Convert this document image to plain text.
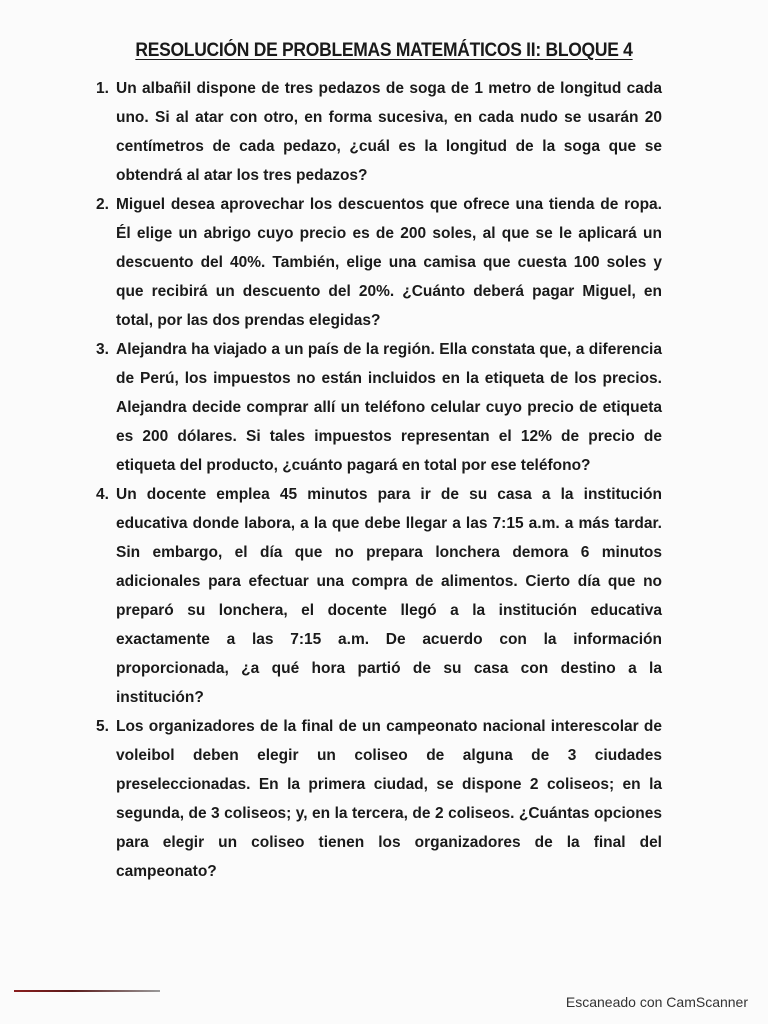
RESOLUCIÓN DE PROBLEMAS MATEMÁTICOS II: BLOQUE 4
1. Un albañil dispone de tres pedazos de soga de 1 metro de longitud cada uno. Si al atar con otro, en forma sucesiva, en cada nudo se usarán 20 centímetros de cada pedazo, ¿cuál es la longitud de la soga que se obtendrá al atar los tres pedazos?
2. Miguel desea aprovechar los descuentos que ofrece una tienda de ropa. Él elige un abrigo cuyo precio es de 200 soles, al que se le aplicará un descuento del 40%. También, elige una camisa que cuesta 100 soles y que recibirá un descuento del 20%. ¿Cuánto deberá pagar Miguel, en total, por las dos prendas elegidas?
3. Alejandra ha viajado a un país de la región. Ella constata que, a diferencia de Perú, los impuestos no están incluidos en la etiqueta de los precios. Alejandra decide comprar allí un teléfono celular cuyo precio de etiqueta es 200 dólares. Si tales impuestos representan el 12% de precio de etiqueta del producto, ¿cuánto pagará en total por ese teléfono?
4. Un docente emplea 45 minutos para ir de su casa a la institución educativa donde labora, a la que debe llegar a las 7:15 a.m. a más tardar. Sin embargo, el día que no prepara lonchera demora 6 minutos adicionales para efectuar una compra de alimentos. Cierto día que no preparó su lonchera, el docente llegó a la institución educativa exactamente a las 7:15 a.m. De acuerdo con la información proporcionada, ¿a qué hora partió de su casa con destino a la institución?
5. Los organizadores de la final de un campeonato nacional interescolar de voleibol deben elegir un coliseo de alguna de 3 ciudades preseleccionadas. En la primera ciudad, se dispone 2 coliseos; en la segunda, de 3 coliseos; y, en la tercera, de 2 coliseos. ¿Cuántas opciones para elegir un coliseo tienen los organizadores de la final del campeonato?
Escaneado con CamScanner
